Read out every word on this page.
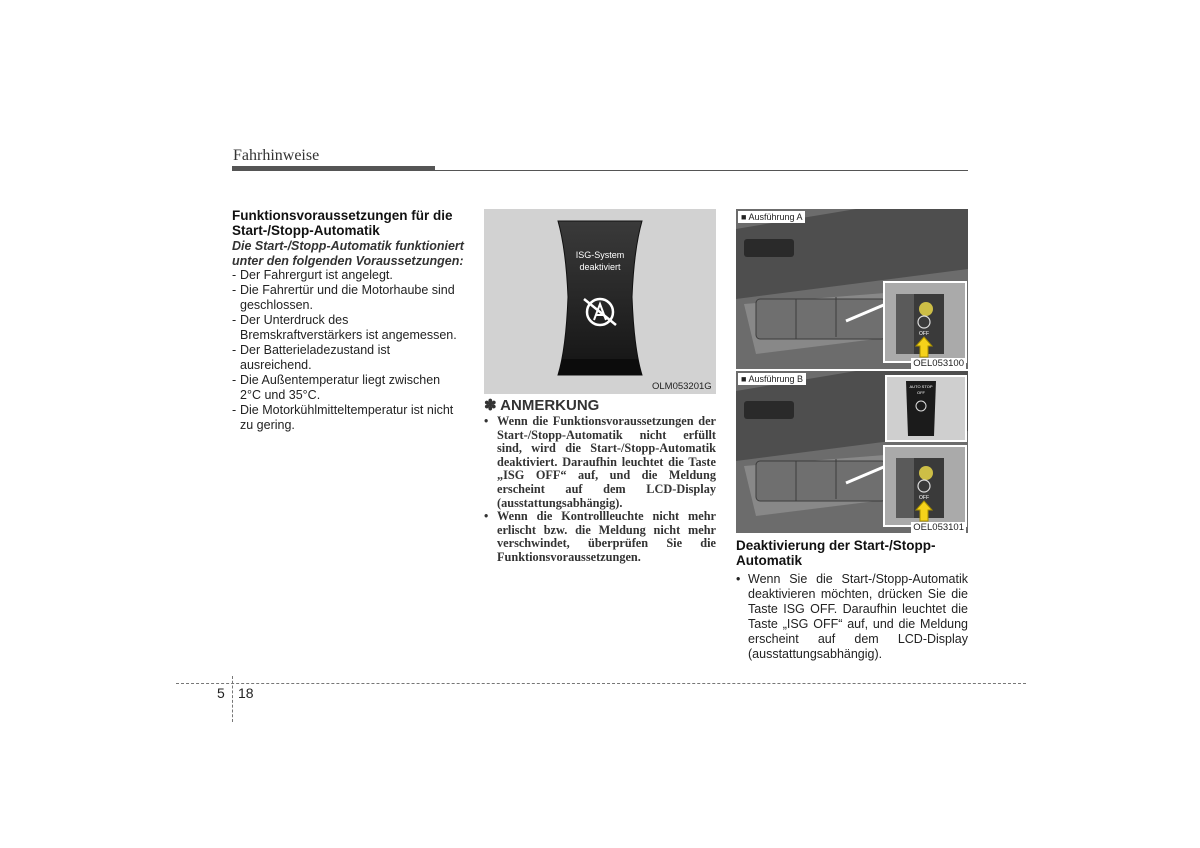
Fahrhinweise
Funktionsvoraussetzungen für die Start-/Stopp-Automatik
Die Start-/Stopp-Automatik funktioniert unter den folgenden Voraussetzungen:

- Der Fahrergurt ist angelegt.

- Die Fahrertür und die Motorhaube sind geschlossen.

- Der Unterdruck des Bremskraftverstärkers ist angemessen.

- Der Batterieladezustand ist ausreichend.

- Die Außentemperatur liegt zwischen 2°C und 35°C.

- Die Motorkühlmitteltemperatur ist nicht zu gering.

ISG-System
deaktiviert
OLM053201G
✽ ANMERKUNG
• Wenn die Funktionsvoraussetzungen der Start-/Stopp-Automatik nicht erfüllt sind, wird die Start-/Stopp-Automatik deaktiviert. Daraufhin leuchtet die Taste „ISG OFF“ auf, und die Meldung erscheint auf dem LCD-Display (ausstattungsabhängig).
• Wenn die Kontrollleuchte nicht mehr erlischt bzw. die Meldung nicht mehr verschwindet, überprüfen Sie die Funktionsvoraussetzungen.
OFF
■ Ausführung A
OEL053100
AUTO STOP
OFF
OFF
■ Ausführung B
OEL053101
Deaktivierung der Start-/Stopp-Automatik
• Wenn Sie die Start-/Stopp-Automatik deaktivieren möchten, drücken Sie die Taste ISG OFF. Daraufhin leuchtet die Taste „ISG OFF“ auf, und die Meldung erscheint auf dem LCD-Display (ausstattungsabhängig).
5 18
